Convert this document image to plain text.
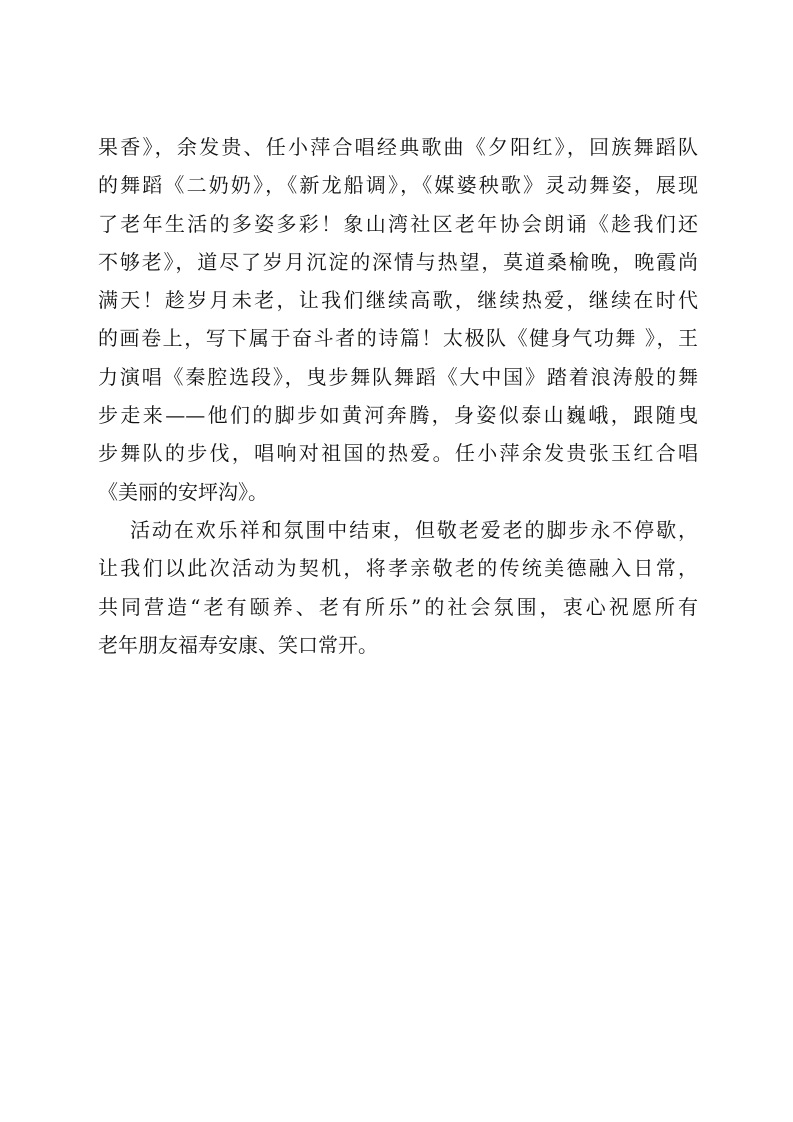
果香》，余发贵、任小萍合唱经典歌曲《夕阳红》，回族舞蹈队
的舞蹈《二奶奶》，《新龙船调》，《媒婆秧歌》灵动舞姿，展现
了老年生活的多姿多彩！象山湾社区老年协会朗诵《趁我们还
不够老》，道尽了岁月沉淀的深情与热望，莫道桑榆晚，晚霞尚
满天！趁岁月未老，让我们继续高歌，继续热爱，继续在时代
的画卷上，写下属于奋斗者的诗篇！太极队《健身气功舞 》，王
力演唱《秦腔选段》，曳步舞队舞蹈《大中国》踏着浪涛般的舞
步走来——他们的脚步如黄河奔腾，身姿似泰山巍峨，跟随曳
步舞队的步伐，唱响对祖国的热爱。任小萍余发贵张玉红合唱
《美丽的安坪沟》。
活动在欢乐祥和氛围中结束，但敬老爱老的脚步永不停歇，
让我们以此次活动为契机，将孝亲敬老的传统美德融入日常，
共同营造“老有颐养、老有所乐”的社会氛围，衷心祝愿所有
老年朋友福寿安康、笑口常开。
